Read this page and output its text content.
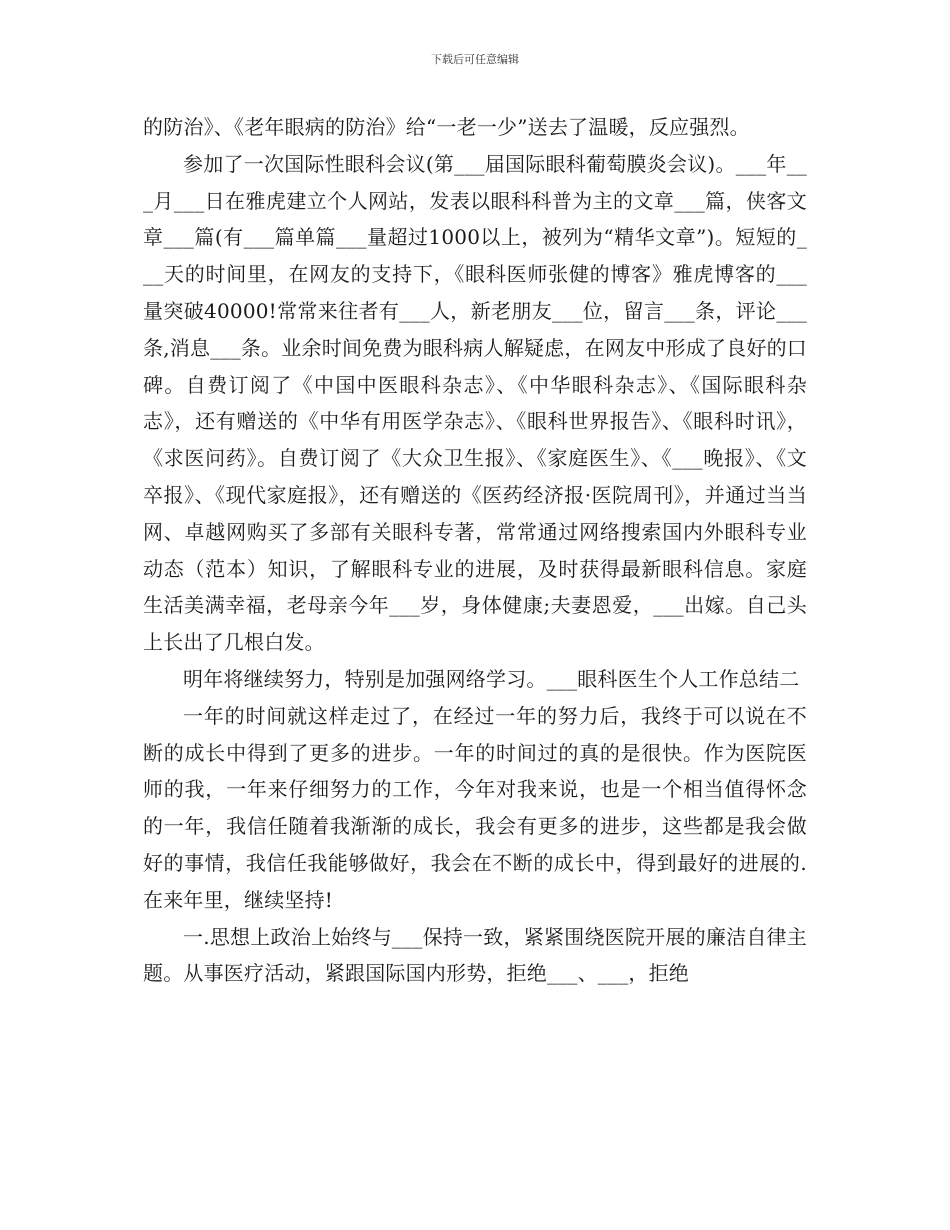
下载后可任意编辑

的防治》、《老年眼病的防治》给“一老一少”送去了温暖，反应强烈。

参加了一次国际性眼科会议(第___届国际眼科葡萄膜炎会议)。___年___月___日在雅虎建立个人网站，发表以眼科科普为主的文章___篇，侠客文章___篇(有___篇单篇___量超过1000以上，被列为“精华文章”)。短短的___天的时间里，在网友的支持下，《眼科医师张健的博客》雅虎博客的___量突破40000!常常来往者有___人，新老朋友___位，留言___条，评论___条,消息___条。业余时间免费为眼科病人解疑虑，在网友中形成了良好的口碑。自费订阅了《中国中医眼科杂志》、《中华眼科杂志》、《国际眼科杂志》，还有赠送的《中华有用医学杂志》、《眼科世界报告》、《眼科时讯》，《求医问药》。自费订阅了《大众卫生报》、《家庭医生》、《___晚报》、《文卒报》、《现代家庭报》，还有赠送的《医药经济报·医院周刊》，并通过当当网、卓越网购买了多部有关眼科专著，常常通过网络搜索国内外眼科专业动态（范本）知识，了解眼科专业的进展，及时获得最新眼科信息。家庭生活美满幸福，老母亲今年___岁，身体健康;夫妻恩爱，___出嫁。自己头上长出了几根白发。

明年将继续努力，特别是加强网络学习。___眼科医生个人工作总结二

一年的时间就这样走过了，在经过一年的努力后，我终于可以说在不断的成长中得到了更多的进步。一年的时间过的真的是很快。作为医院医师的我，一年来仔细努力的工作，今年对我来说，也是一个相当值得怀念的一年，我信任随着我渐渐的成长，我会有更多的进步，这些都是我会做好的事情，我信任我能够做好，我会在不断的成长中，得到最好的进展的.在来年里，继续坚持!

一.思想上政治上始终与___保持一致，紧紧围绕医院开展的廉洁自律主题。从事医疗活动，紧跟国际国内形势，拒绝___、___，拒绝
